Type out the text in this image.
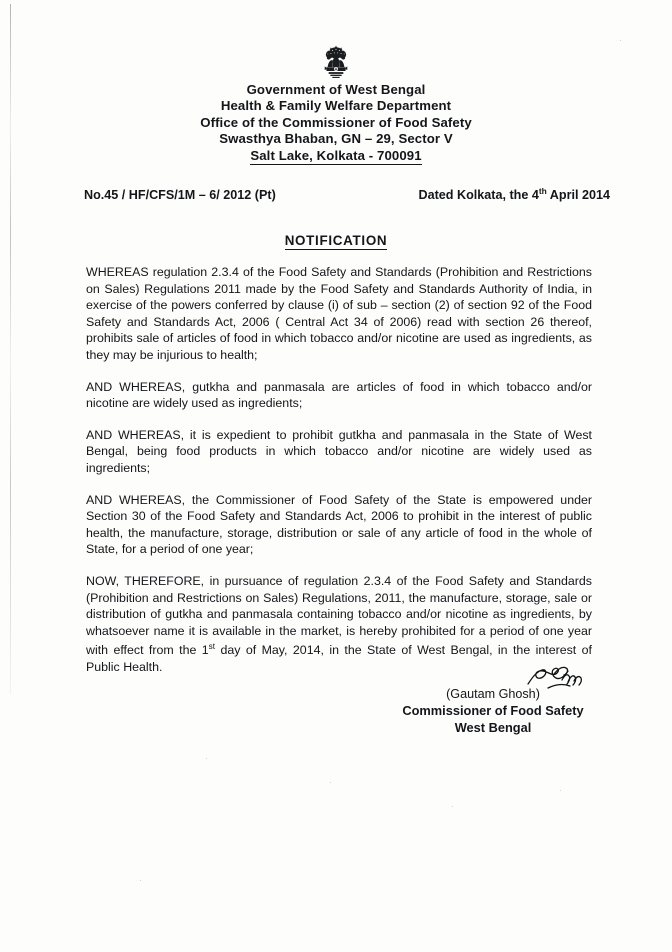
Government of West Bengal
Health & Family Welfare Department
Office of the Commissioner of Food Safety
Swasthya Bhaban, GN – 29, Sector V
Salt Lake, Kolkata - 700091
No.45 / HF/CFS/1M – 6/ 2012 (Pt)	Dated Kolkata, the 4th April 2014
NOTIFICATION

WHEREAS regulation 2.3.4 of the Food Safety and Standards (Prohibition and Restrictions on Sales) Regulations 2011 made by the Food Safety and Standards Authority of India, in exercise of the powers conferred by clause (i) of sub – section (2) of section 92 of the Food Safety and Standards Act, 2006 ( Central Act 34 of 2006) read with section 26 thereof, prohibits sale of articles of food in which tobacco and/or nicotine are used as ingredients, as they may be injurious to health;

AND WHEREAS, gutkha and panmasala are articles of food in which tobacco and/or nicotine are widely used as ingredients;

AND WHEREAS, it is expedient to prohibit gutkha and panmasala in the State of West Bengal, being food products in which tobacco and/or nicotine are widely used as ingredients;

AND WHEREAS, the Commissioner of Food Safety of the State is empowered under Section 30 of the Food Safety and Standards Act, 2006 to prohibit in the interest of public health, the manufacture, storage, distribution or sale of any article of food in the whole of State, for a period of one year;

NOW, THEREFORE, in pursuance of regulation 2.3.4 of the Food Safety and Standards (Prohibition and Restrictions on Sales) Regulations, 2011, the manufacture, storage, sale or distribution of gutkha and panmasala containing tobacco and/or nicotine as ingredients, by whatsoever name it is available in the market, is hereby prohibited for a period of one year with effect from the 1st day of May, 2014, in the State of West Bengal, in the interest of Public Health.

(Gautam Ghosh)
Commissioner of Food Safety
West Bengal
